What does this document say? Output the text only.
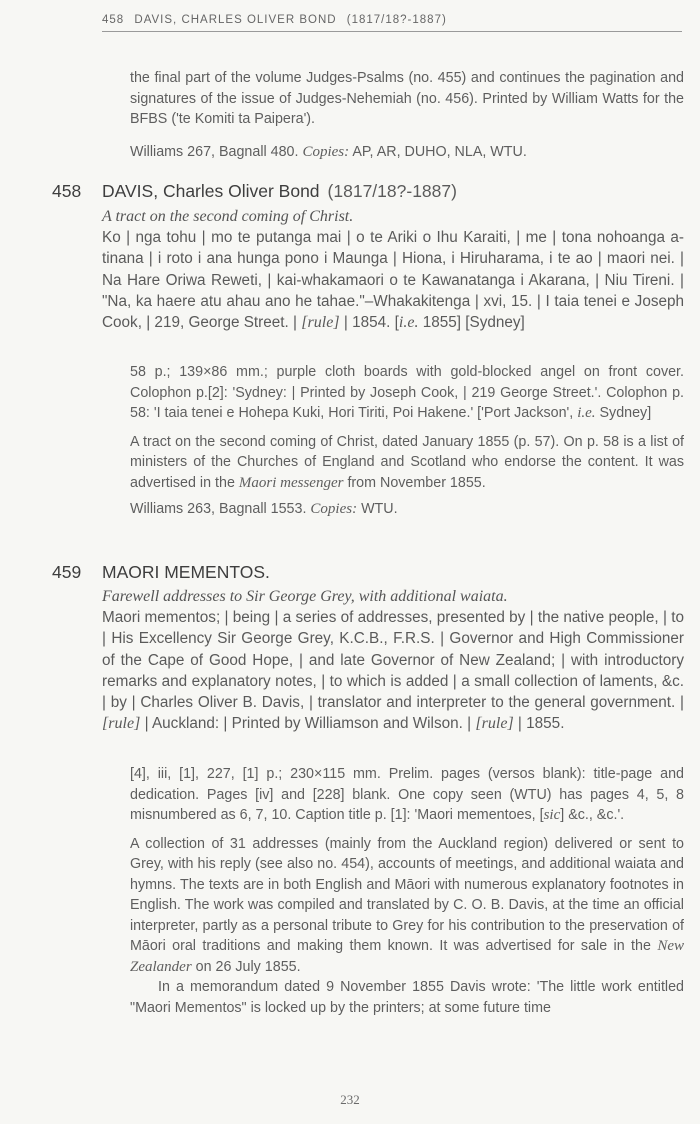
458 DAVIS, CHARLES OLIVER BOND (1817/18?-1887)

the final part of the volume Judges-Psalms (no. 455) and continues the pagination and signatures of the issue of Judges-Nehemiah (no. 456). Printed by William Watts for the BFBS ('te Komiti ta Paipera').

Williams 267, Bagnall 480. Copies: AP, AR, DUHO, NLA, WTU.

458 DAVIS, Charles Oliver Bond (1817/18?-1887)

A tract on the second coming of Christ.

Ko | nga tohu | mo te putanga mai | o te Ariki o Ihu Karaiti, | me | tona nohoanga a-tinana | i roto i ana hunga pono i Maunga | Hiona, i Hiruharama, i te ao | maori nei. | Na Hare Oriwa Reweti, | kai-whakamaori o te Kawanatanga i Akarana, | Niu Tireni. | "Na, ka haere atu ahau ano he tahae."–Whakakitenga | xvi, 15. | I taia tenei e Joseph Cook, | 219, George Street. | [rule] | 1854. [i.e. 1855] [Sydney]

58 p.; 139×86 mm.; purple cloth boards with gold-blocked angel on front cover. Colophon p.[2]: 'Sydney: | Printed by Joseph Cook, | 219 George Street.'. Colophon p. 58: 'I taia tenei e Hohepa Kuki, Hori Tiriti, Poi Hakene.' ['Port Jackson', i.e. Sydney]

A tract on the second coming of Christ, dated January 1855 (p. 57). On p. 58 is a list of ministers of the Churches of England and Scotland who endorse the content. It was advertised in the Maori messenger from November 1855.

Williams 263, Bagnall 1553. Copies: WTU.

459 MAORI MEMENTOS.

Farewell addresses to Sir George Grey, with additional waiata.

Maori mementos; | being | a series of addresses, presented by | the native people, | to | His Excellency Sir George Grey, K.C.B., F.R.S. | Governor and High Commissioner of the Cape of Good Hope, | and late Governor of New Zealand; | with introductory remarks and explanatory notes, | to which is added | a small collection of laments, &c. | by | Charles Oliver B. Davis, | translator and interpreter to the general government. | [rule] | Auckland: | Printed by Williamson and Wilson. | [rule] | 1855.

[4], iii, [1], 227, [1] p.; 230×115 mm. Prelim. pages (versos blank): title-page and dedication. Pages [iv] and [228] blank. One copy seen (WTU) has pages 4, 5, 8 misnumbered as 6, 7, 10. Caption title p. [1]: 'Maori mementoes, [sic] &c., &c.'.

A collection of 31 addresses (mainly from the Auckland region) delivered or sent to Grey, with his reply (see also no. 454), accounts of meetings, and additional waiata and hymns. The texts are in both English and Māori with numerous explanatory footnotes in English. The work was compiled and translated by C. O. B. Davis, at the time an official interpreter, partly as a personal tribute to Grey for his contribution to the preservation of Māori oral traditions and making them known. It was advertised for sale in the New Zealander on 26 July 1855.

In a memorandum dated 9 November 1855 Davis wrote: 'The little work entitled "Maori Mementos" is locked up by the printers; at some future time

232
